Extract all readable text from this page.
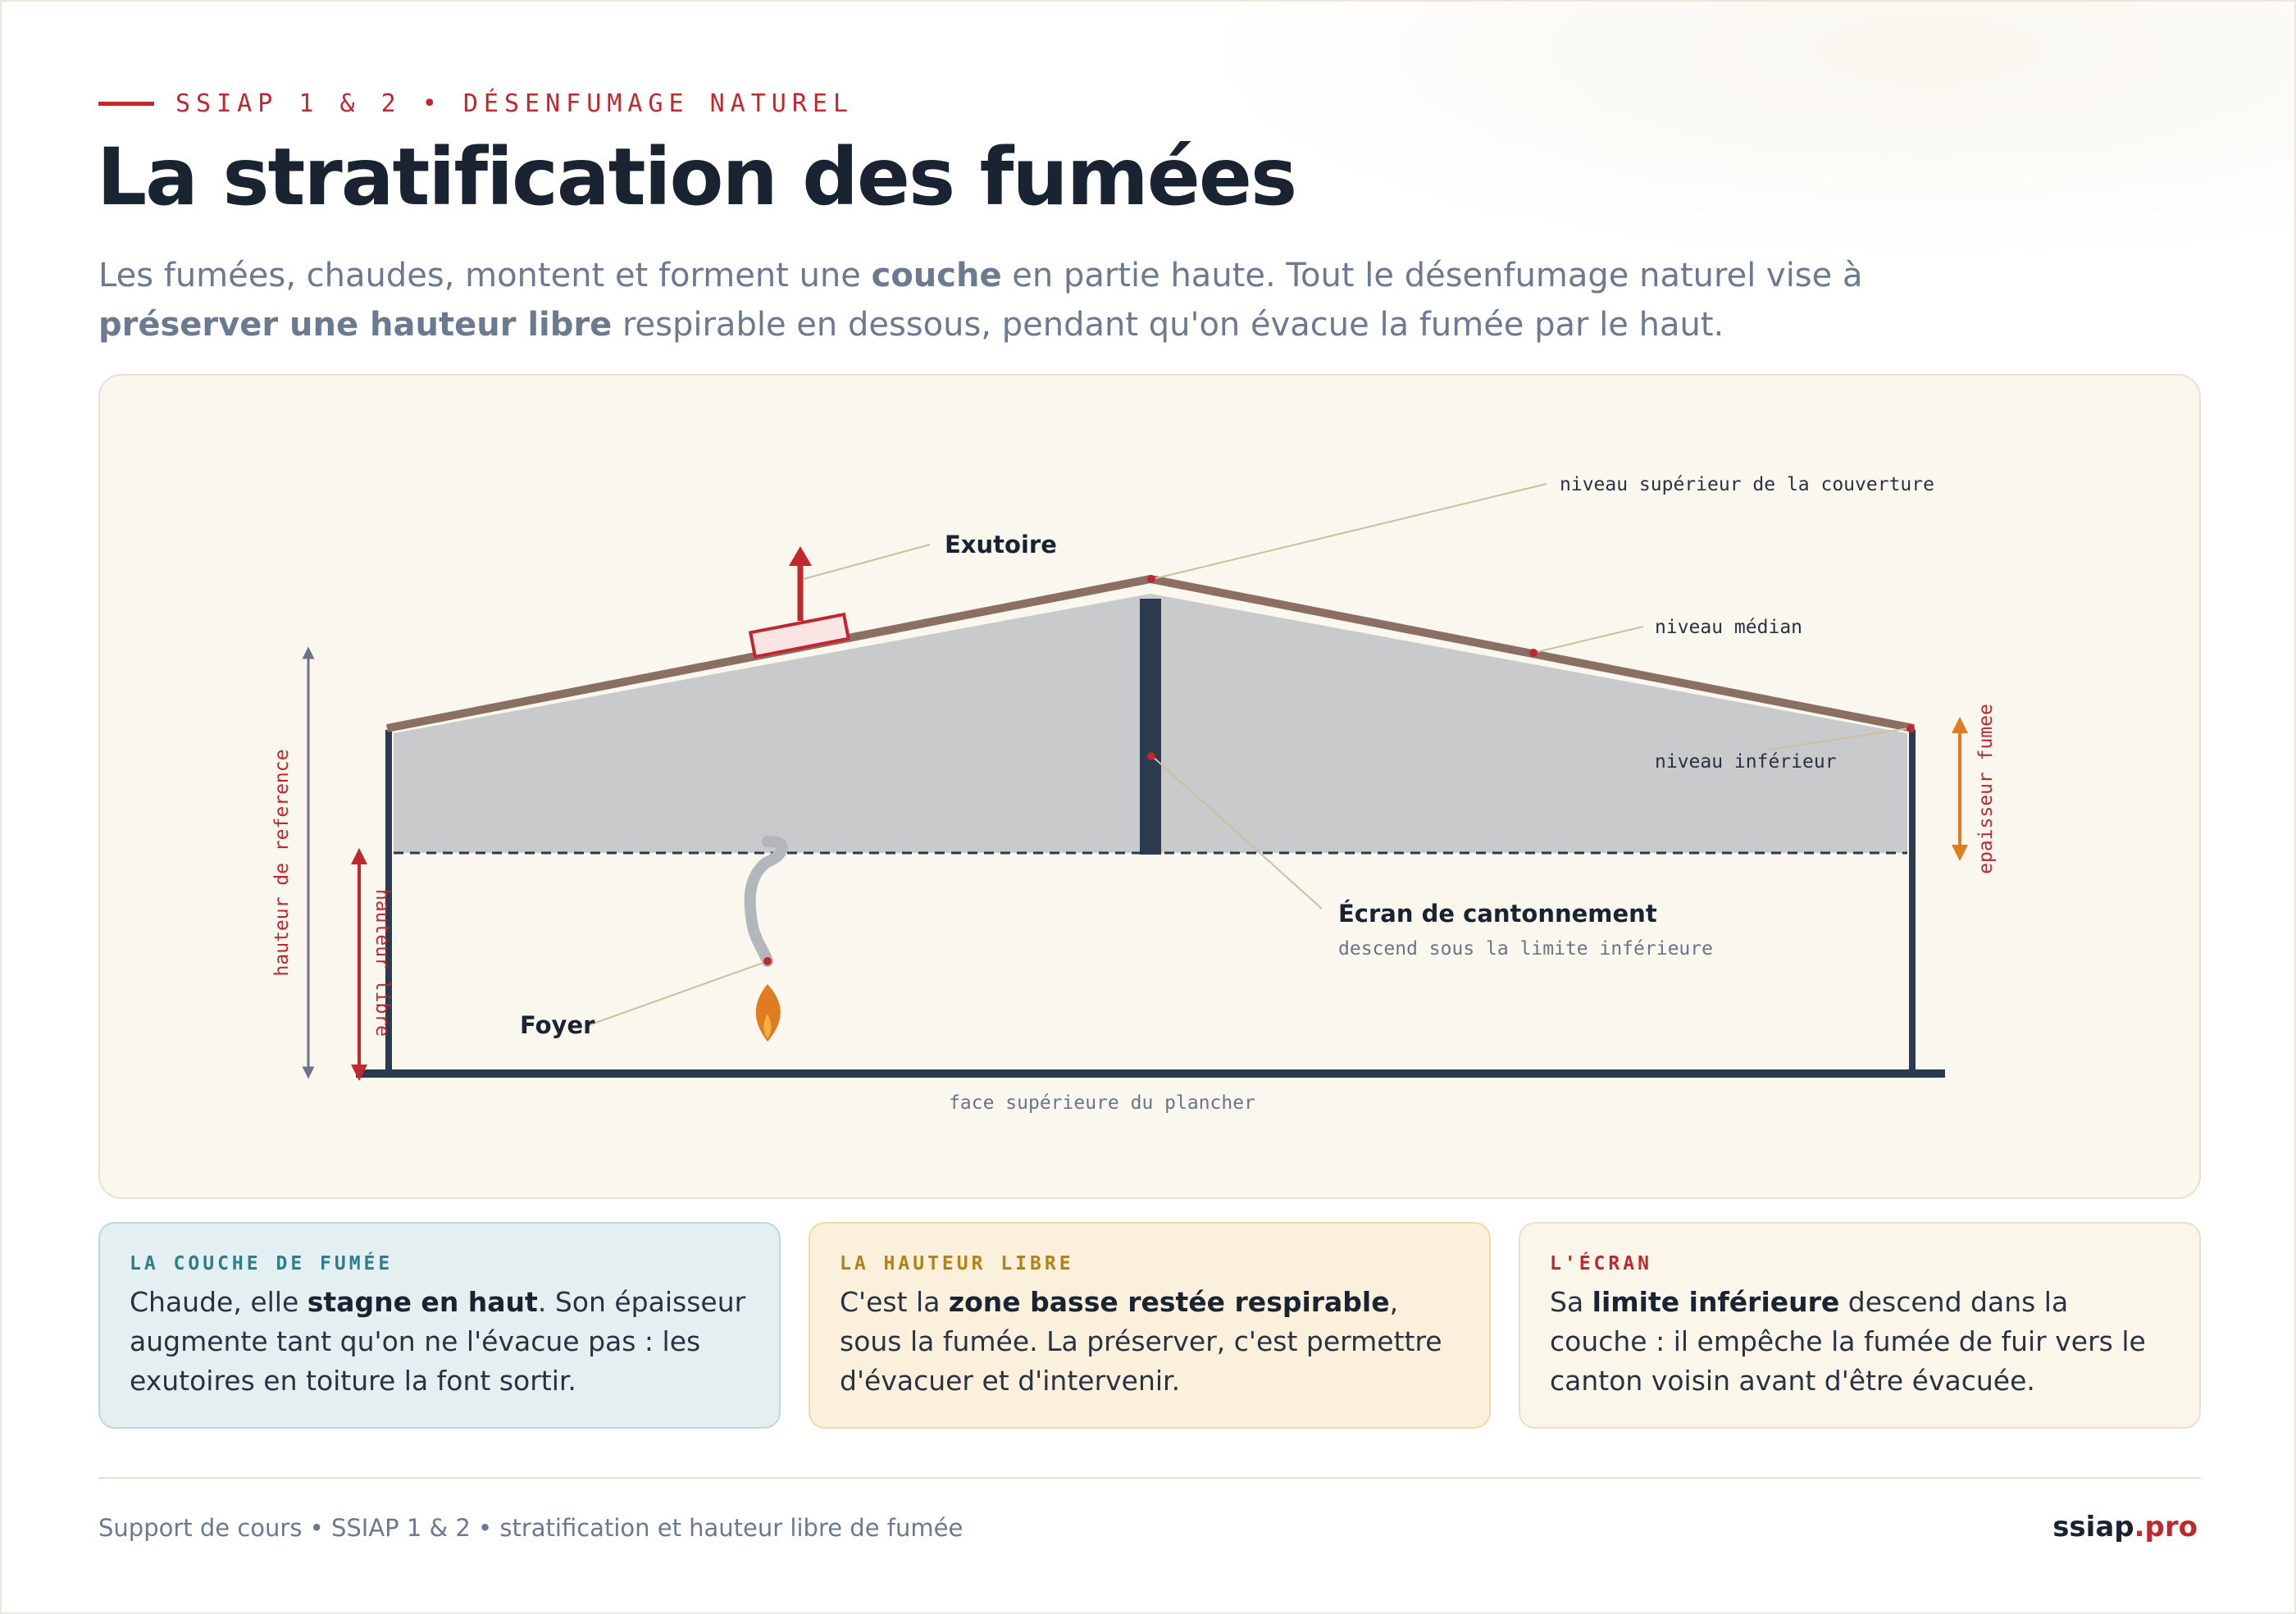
SSIAP 1 & 2 • DÉSENFUMAGE NATUREL
La stratification des fumées

Les fumées, chaudes, montent et forment une couche en partie haute. Tout le désenfumage naturel vise à préserver une hauteur libre respirable en dessous, pendant qu'on évacue la fumée par le haut.

Exutoire
niveau supérieur de la couverture
niveau médian
niveau inférieur
Écran de cantonnement
descend sous la limite inférieure
Foyer
face supérieure du plancher
hauteur de reference	hauteur libre
epaisseur fumee

LA COUCHE DE FUMÉE

Chaude, elle stagne en haut. Son épaisseur augmente tant qu'on ne l'évacue pas : les exutoires en toiture la font sortir.

LA HAUTEUR LIBRE

C'est la zone basse restée respirable, sous la fumée. La préserver, c'est permettre d'évacuer et d'intervenir.

L'ÉCRAN

Sa limite inférieure descend dans la couche : il empêche la fumée de fuir vers le canton voisin avant d'être évacuée.

Support de cours • SSIAP 1 & 2 • stratification et hauteur libre de fumée	ssiap.pro
